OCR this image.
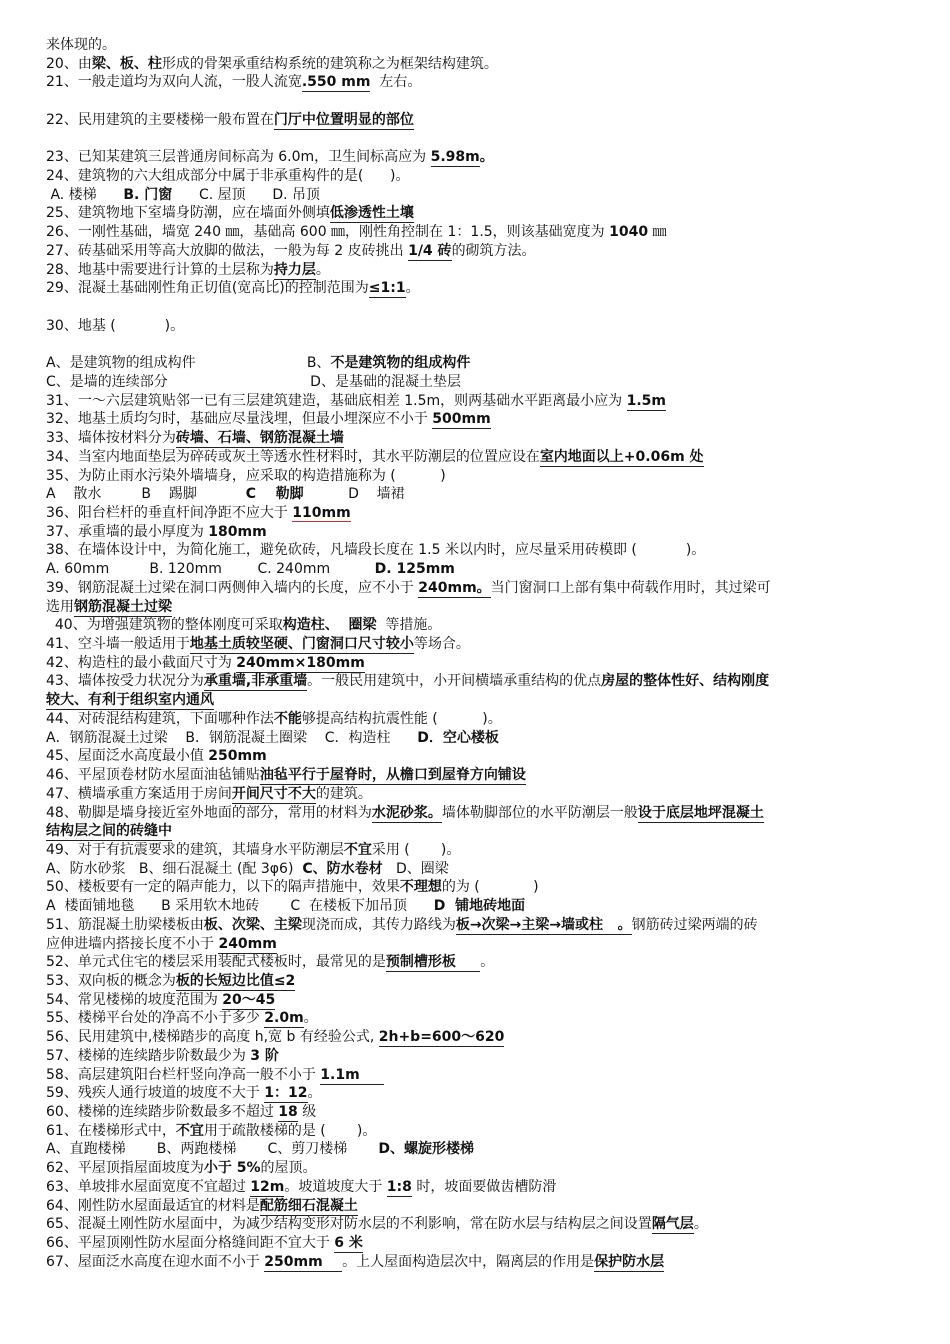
来体现的。
20、由梁、板、柱形成的骨架承重结构系统的建筑称之为框架结构建筑。
21、一般走道均为双向人流，一股人流宽.550 mm  左右。
22、民用建筑的主要楼梯一般布置在门厅中位置明显的部位
23、已知某建筑三层普通房间标高为 6.0m，卫生间标高应为 5.98m。
24、建筑物的六大组成部分中属于非承重构件的是(      )。
A. 楼梯      B. 门窗      C. 屋顶      D. 吊顶
25、建筑物地下室墙身防潮，应在墙面外侧填低渗透性土壤
26、一刚性基础，墙宽 240 ㎜，基础高 600 ㎜，刚性角控制在 1：1.5，则该基础宽度为 1040 ㎜
27、砖基础采用等高大放脚的做法，一般为每 2 皮砖挑出 1/4 砖的砌筑方法。
28、地基中需要进行计算的土层称为持力层。
29、混凝土基础刚性角正切值(宽高比)的控制范围为≤1:1。
30、地基 (           )。
A、是建筑物的组成构件                         B、不是建筑物的组成构件
C、是墙的连续部分                                D、是基础的混凝土垫层
31、一～六层建筑贴邻一已有三层建筑建造，基础底相差 1.5m，则两基础水平距离最小应为 1.5m
32、地基土质均匀时，基础应尽量浅埋，但最小埋深应不小于 500mm
33、墙体按材料分为砖墙、石墙、钢筋混凝土墙
34、当室内地面垫层为碎砖或灰土等透水性材料时，其水平防潮层的位置应设在室内地面以上+0.06m 处
35、为防止雨水污染外墙墙身，应采取的构造措施称为 (          )
A    散水         B    踢脚           C    勒脚          D    墙裙
36、阳台栏杆的垂直杆间净距不应大于 110mm
37、承重墙的最小厚度为 180mm
38、在墙体设计中，为简化施工，避免砍砖，凡墙段长度在 1.5 米以内时，应尽量采用砖模即 (           )。
A. 60mm         B. 120mm        C. 240mm          D. 125mm
39、钢筋混凝土过梁在洞口两侧伸入墙内的长度，应不小于 240mm。当门窗洞口上部有集中荷载作用时，其过梁可
选用钢筋混凝土过梁
40、为增强建筑物的整体刚度可采取构造柱、  圈梁  等措施。
41、空斗墙一般适用于地基土质较坚硬、门窗洞口尺寸较小等场合。
42、构造柱的最小截面尺寸为 240mm×180mm
43、墙体按受力状况分为承重墙,非承重墙。一般民用建筑中，小开间横墙承重结构的优点房屋的整体性好、结构刚度
较大、有利于组织室内通风
44、对砖混结构建筑，下面哪种作法不能够提高结构抗震性能 (          )。
A．钢筋混凝土过梁    B．钢筋混凝土圈梁    C．构造柱      D．空心楼板
45、屋面泛水高度最小值 250mm
46、平屋顶卷材防水屋面油毡铺贴油毡平行于屋脊时，从檐口到屋脊方向铺设
47、横墙承重方案适用于房间开间尺寸不大的建筑。
48、勒脚是墙身接近室外地面的部分，常用的材料为水泥砂浆。墙体勒脚部位的水平防潮层一般设于底层地坪混凝土
结构层之间的砖缝中
49、对于有抗震要求的建筑，其墙身水平防潮层不宜采用 (       )。
A、防水砂浆   B、细石混凝土 (配 3φ6)  C、防水卷材   D、圈梁
50、楼板要有一定的隔声能力，以下的隔声措施中，效果不理想的为 (            )
A  楼面铺地毯      B 采用软木地砖       C  在楼板下加吊顶      D  铺地砖地面
51、筋混凝土肋梁楼板由板、次梁、主梁现浇而成，其传力路线为板→次梁→主梁→墙或柱   。钢筋砖过梁两端的砖
应伸进墙内搭接长度不小于 240mm
52、单元式住宅的楼层采用装配式楼板时，最常见的是预制槽形板     。
53、双向板的概念为板的长短边比值≤2
54、常见楼梯的坡度范围为 20～45
55、楼梯平台处的净高不小于多少 2.0m。
56、民用建筑中,楼梯踏步的高度 h,宽 b 有经验公式, 2h+b=600～620
57、楼梯的连续踏步阶数最少为 3 阶
58、高层建筑阳台栏杆竖向净高一般不小于 1.1m
59、残疾人通行坡道的坡度不大于 1：12。
60、楼梯的连续踏步阶数最多不超过 18 级
61、在楼梯形式中，不宜用于疏散楼梯的是 (       )。
A、直跑楼梯       B、两跑楼梯       C、剪刀楼梯       D、螺旋形楼梯
62、平屋顶指屋面坡度为小于 5%的屋顶。
63、单坡排水屋面宽度不宜超过 12m。坡道坡度大于 1:8 时，坡面要做齿槽防滑
64、刚性防水屋面最适宜的材料是配筋细石混凝土
65、混凝土刚性防水屋面中，为减少结构变形对防水层的不利影响，常在防水层与结构层之间设置隔气层。
66、平屋顶刚性防水屋面分格缝间距不宜大于 6 米
67、屋面泛水高度在迎水面不小于 250mm    。上人屋面构造层次中，隔离层的作用是保护防水层
